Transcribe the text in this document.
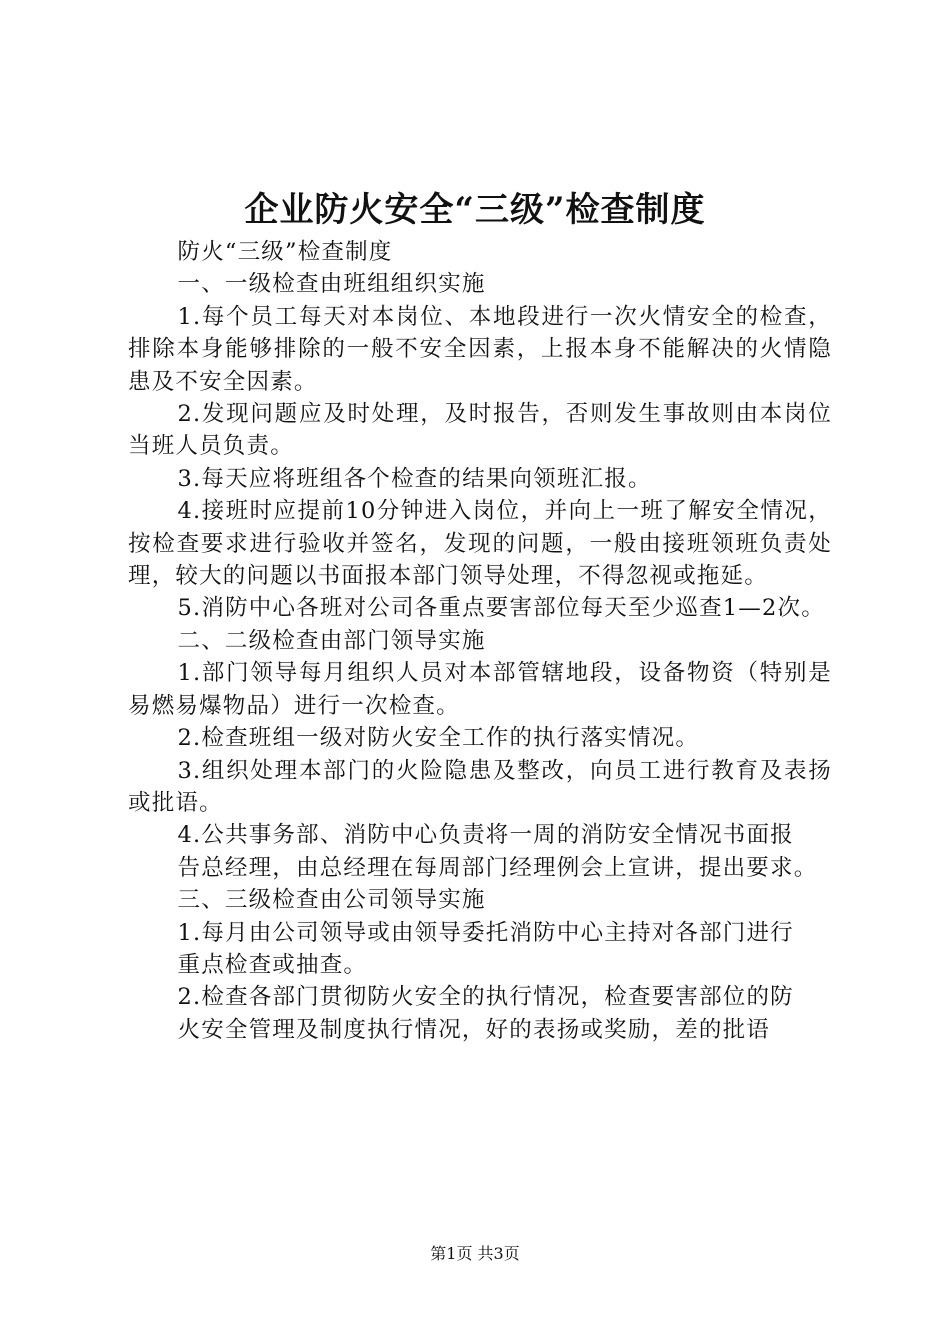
企业防火安全“三级”检查制度

防火“三级”检查制度

一、一级检查由班组组织实施

1.每个员工每天对本岗位、本地段进行一次火情安全的检查，排除本身能够排除的一般不安全因素，上报本身不能解决的火情隐患及不安全因素。

2.发现问题应及时处理，及时报告，否则发生事故则由本岗位当班人员负责。

3.每天应将班组各个检查的结果向领班汇报。

4.接班时应提前10分钟进入岗位，并向上一班了解安全情况，按检查要求进行验收并签名，发现的问题，一般由接班领班负责处理，较大的问题以书面报本部门领导处理，不得忽视或拖延。

5.消防中心各班对公司各重点要害部位每天至少巡查1—2次。

二、二级检查由部门领导实施

1.部门领导每月组织人员对本部管辖地段，设备物资（特别是易燃易爆物品）进行一次检查。

2.检查班组一级对防火安全工作的执行落实情况。

3.组织处理本部门的火险隐患及整改，向员工进行教育及表扬或批语。

4.公共事务部、消防中心负责将一周的消防安全情况书面报

告总经理，由总经理在每周部门经理例会上宣讲，提出要求。

三、三级检查由公司领导实施

1.每月由公司领导或由领导委托消防中心主持对各部门进行

重点检查或抽查。

2.检查各部门贯彻防火安全的执行情况，检查要害部位的防

火安全管理及制度执行情况，好的表扬或奖励，差的批语

第1页 共3页
